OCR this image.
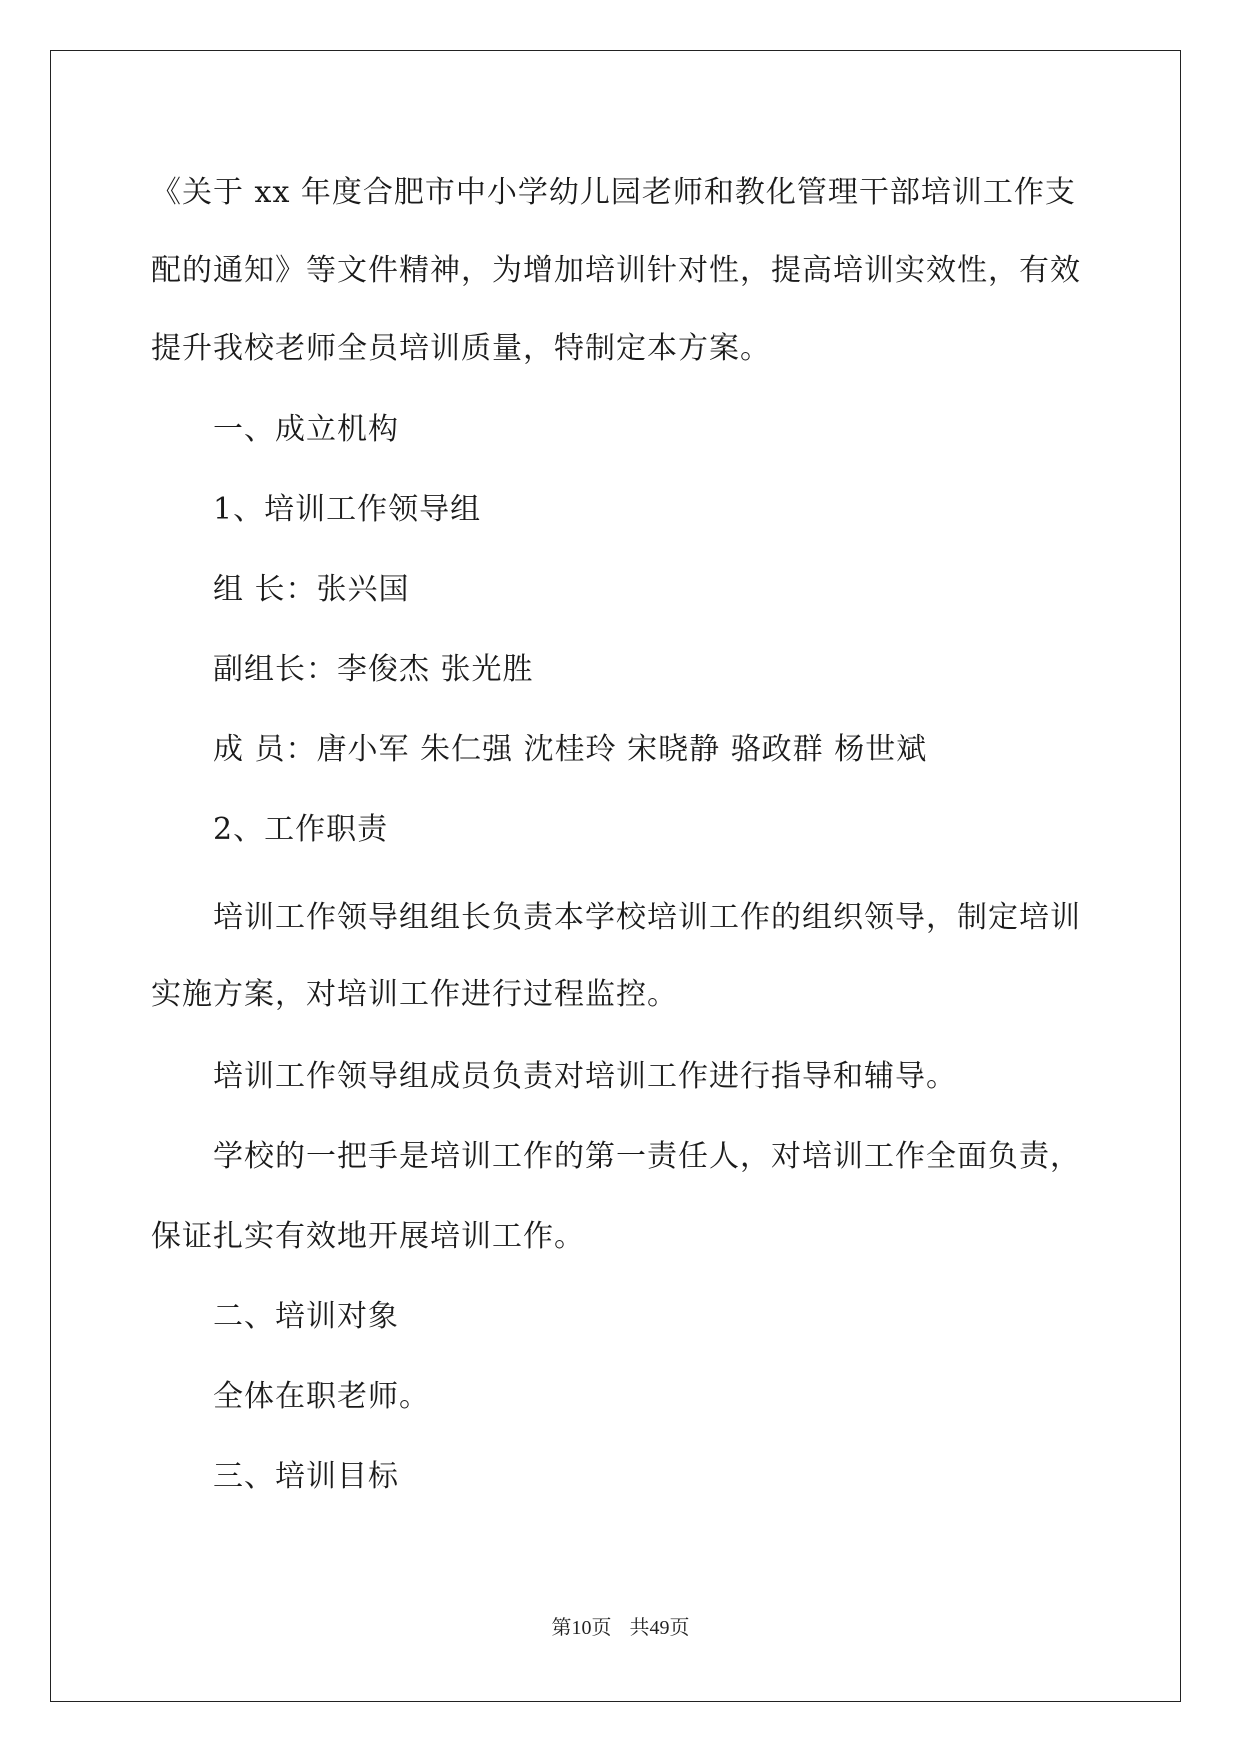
《关于 xx 年度合肥市中小学幼儿园老师和教化管理干部培训工作支
配的通知》等文件精神，为增加培训针对性，提高培训实效性，有效
提升我校老师全员培训质量，特制定本方案。
一、成立机构
1、培训工作领导组
组 长：张兴国
副组长：李俊杰 张光胜
成 员：唐小军 朱仁强 沈桂玲 宋晓静 骆政群 杨世斌
2、工作职责
培训工作领导组组长负责本学校培训工作的组织领导，制定培训
实施方案，对培训工作进行过程监控。
培训工作领导组成员负责对培训工作进行指导和辅导。
学校的一把手是培训工作的第一责任人，对培训工作全面负责，
保证扎实有效地开展培训工作。
二、培训对象
全体在职老师。
三、培训目标
第10页 共49页
